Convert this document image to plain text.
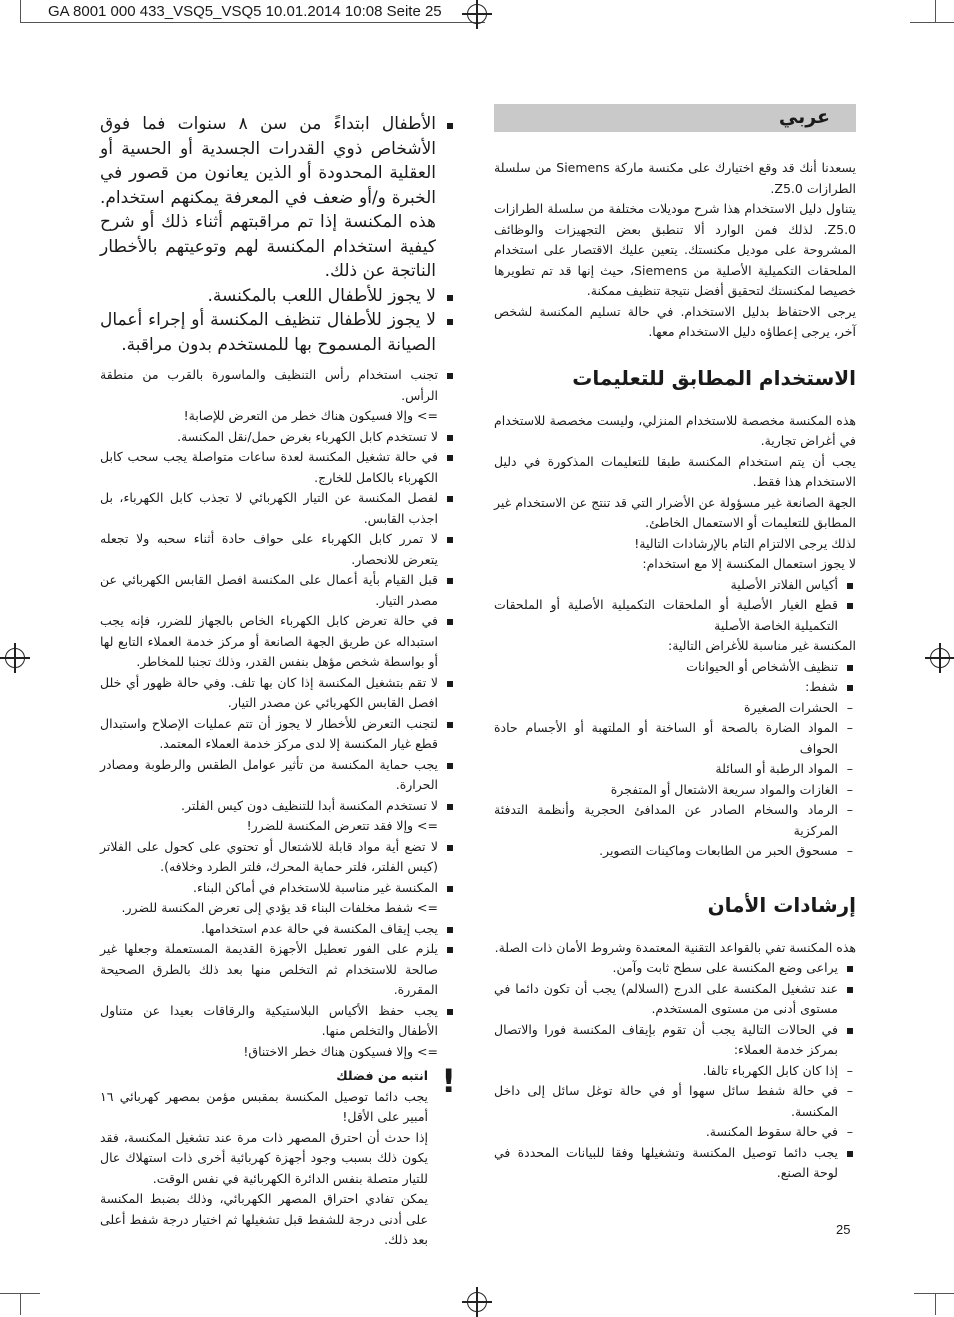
GA 8001 000 433_VSQ5_VSQ5 10.01.2014 10:08 Seite 25
عربي

يسعدنا أنك قد وقع اختيارك على مكنسة ماركة Siemens من سلسلة الطرازات Z5.0.

يتناول دليل الاستخدام هذا شرح موديلات مختلفة من سلسلة الطرازات Z5.0. لذلك فمن الوارد ألا تنطبق بعض التجهيزات والوظائف المشروحة على موديل مكنستك. يتعين عليك الاقتصار على استخدام الملحقات التكميلية الأصلية من Siemens، حيث إنها قد تم تطويرها خصيصا لمكنستك لتحقيق أفضل نتيجة تنظيف ممكنة.

يرجى الاحتفاظ بدليل الاستخدام. في حالة تسليم المكنسة لشخص آخر، يرجى إعطاؤه دليل الاستخدام معها.

الاستخدام المطابق للتعليمات

هذه المكنسة مخصصة للاستخدام المنزلي، وليست مخصصة للاستخدام في أغراض تجارية.

يجب أن يتم استخدام المكنسة طبقا للتعليمات المذكورة في دليل الاستخدام هذا فقط.

الجهة الصانعة غير مسؤولة عن الأضرار التي قد تنتج عن الاستخدام غير المطابق للتعليمات أو الاستعمال الخاطئ.

لذلك يرجى الالتزام التام بالإرشادات التالية!

لا يجوز استعمال المكنسة إلا مع استخدام:

أكياس الفلاتر الأصلية
قطع الغيار الأصلية أو الملحقات التكميلية الأصلية أو الملحقات التكميلية الخاصة الأصلية

المكنسة غير مناسبة للأغراض التالية:

تنظيف الأشخاص أو الحيوانات
شفط:
– الحشرات الصغيرة
– المواد الضارة بالصحة أو الساخنة أو الملتهبة أو الأجسام حادة الحواف
– المواد الرطبة أو السائلة
– الغازات والمواد سريعة الاشتعال أو المتفجرة
– الرماد والسخام الصادر عن المدافئ الحجرية وأنظمة التدفئة المركزية
– مسحوق الحبر من الطابعات وماكينات التصوير.
إرشادات الأمان

هذه المكنسة تفي بالقواعد التقنية المعتمدة وشروط الأمان ذات الصلة.

يراعى وضع المكنسة على سطح ثابت وآمن.
عند تشغيل المكنسة على الدرج (السلالم) يجب أن تكون دائما في مستوى أدنى من مستوى المستخدم.
في الحالات التالية يجب أن تقوم بإيقاف المكنسة فورا والاتصال بمركز خدمة العملاء:
– إذا كان كابل الكهرباء تالفا.
– في حالة شفط سائل سهوا أو في حالة توغل سائل إلى داخل المكنسة.
– في حالة سقوط المكنسة.
يجب دائما توصيل المكنسة وتشغيلها وفقا للبيانات المحددة في لوحة الصنع.
الأطفال ابتداءً من سن ٨ سنوات فما فوق الأشخاص ذوي القدرات الجسدية أو الحسية أو العقلية المحدودة أو الذين يعانون من قصور في الخبرة و/أو ضعف في المعرفة يمكنهم استخدام. هذه المكنسة إذا تم مراقبتهم أثناء ذلك أو شرح كيفية استخدام المكنسة لهم وتوعيتهم بالأخطار الناتجة عن ذلك.
لا يجوز للأطفال اللعب بالمكنسة.
لا يجوز للأطفال تنظيف المكنسة أو إجراء أعمال الصيانة المسموح بها للمستخدم بدون مراقبة.
تجنب استخدام رأس التنظيف والماسورة بالقرب من منطقة الرأس.
=> وإلا فسيكون هناك خطر من التعرض للإصابة!
لا تستخدم كابل الكهرباء بغرض حمل/نقل المكنسة.
في حالة تشغيل المكنسة لعدة ساعات متواصلة يجب سحب كابل الكهرباء بالكامل للخارج.
لفصل المكنسة عن التيار الكهربائي لا تجذب كابل الكهرباء، بل اجذب القابس.
لا تمرر كابل الكهرباء على حواف حادة أثناء سحبه ولا تجعله يتعرض للانحصار.
قبل القيام بأية أعمال على المكنسة افصل القابس الكهربائي عن مصدر التيار.
في حالة تعرض كابل الكهرباء الخاص بالجهاز للضرر، فإنه يجب استبداله عن طريق الجهة الصانعة أو مركز خدمة العملاء التابع لها أو بواسطة شخص مؤهل بنفس القدر، وذلك تجنبا للمخاطر.
لا تقم بتشغيل المكنسة إذا كان بها تلف. وفي حالة ظهور أي خلل افصل القابس الكهربائي عن مصدر التيار.
لتجنب التعرض للأخطار لا يجوز أن تتم عمليات الإصلاح واستبدال قطع غيار المكنسة إلا لدى مركز خدمة العملاء المعتمد.
يجب حماية المكنسة من تأثير عوامل الطقس والرطوبة ومصادر الحرارة.
لا تستخدم المكنسة أبدا للتنظيف دون كيس الفلتر.
=> وإلا فقد تتعرض المكنسة للضرر!
لا تضع أية مواد قابلة للاشتعال أو تحتوي على كحول على الفلاتر (كيس الفلتر، فلتر حماية المحرك، فلتر الطرد وخلافه).
المكنسة غير مناسبة للاستخدام في أماكن البناء.
=> شفط مخلفات البناء قد يؤدي إلى تعرض المكنسة للضرر.
يجب إيقاف المكنسة في حالة عدم استخدامها.
يلزم على الفور تعطيل الأجهزة القديمة المستعملة وجعلها غير صالحة للاستخدام ثم التخلص منها بعد ذلك بالطرق الصحيحة المقررة.
يجب حفظ الأكياس البلاستيكية والرقاقات بعيدا عن متناول الأطفال والتخلص منها.
=> وإلا فسيكون هناك خطر الاختناق!
!

انتبه من فضلك

يجب دائما توصيل المكنسة بمقبس مؤمن بمصهر كهربائي ١٦ أمبير على الأقل!

إذا حدث أن احترق المصهر ذات مرة عند تشغيل المكنسة، فقد يكون ذلك بسبب وجود أجهزة كهربائية أخرى ذات استهلاك عال للتيار متصلة بنفس الدائرة الكهربائية في نفس الوقت.

يمكن تفادي احتراق المصهر الكهربائي، وذلك بضبط المكنسة على أدنى درجة للشفط قبل تشغيلها ثم اختيار درجة شفط أعلى بعد ذلك.

25
